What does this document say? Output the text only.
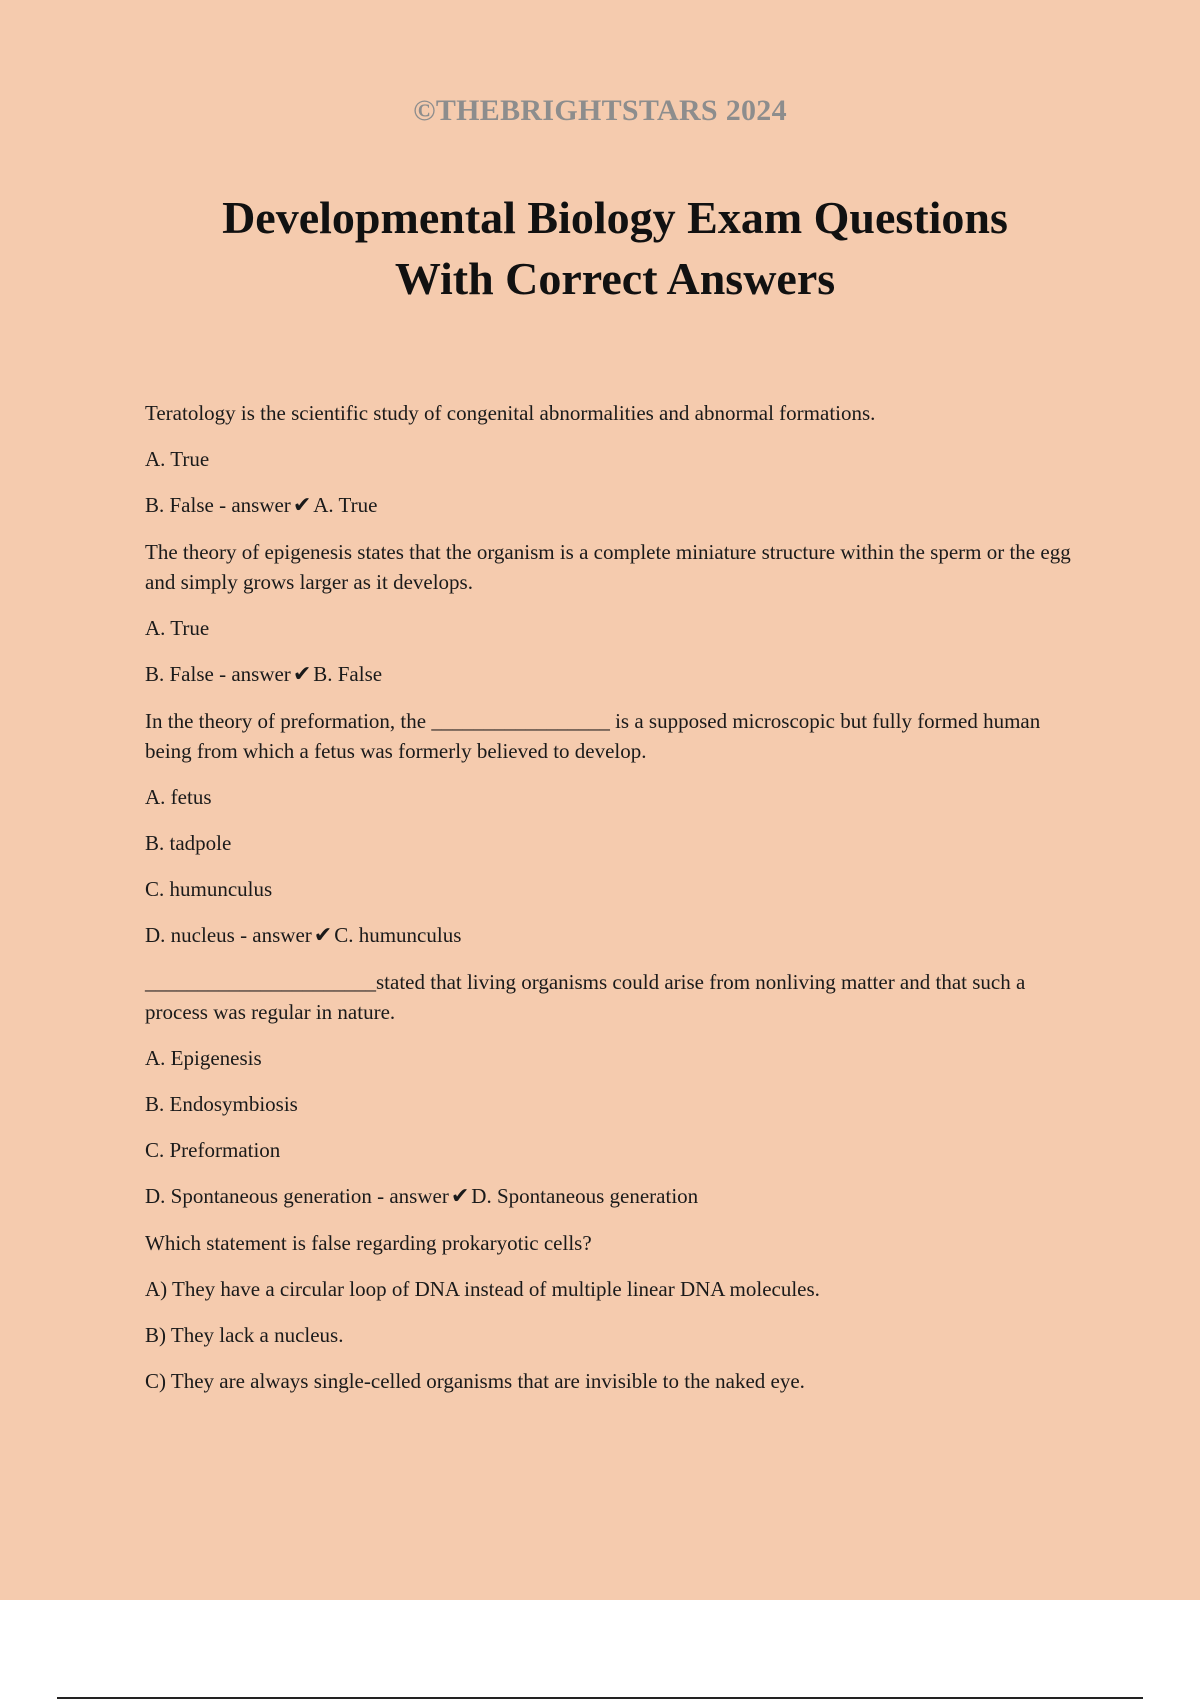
©THEBRIGHTSTARS 2024
Developmental Biology Exam Questions
With Correct Answers
Teratology is the scientific study of congenital abnormalities and abnormal formations.
A. True
B. False - answer✔A. True
The theory of epigenesis states that the organism is a complete miniature structure within the sperm or the egg and simply grows larger as it develops.
A. True
B. False - answer✔B. False
In the theory of preformation, the _________________ is a supposed microscopic but fully formed human being from which a fetus was formerly believed to develop.
A. fetus
B. tadpole
C. humunculus
D. nucleus - answer✔C. humunculus
______________________stated that living organisms could arise from nonliving matter and that such a process was regular in nature.
A. Epigenesis
B. Endosymbiosis
C. Preformation
D. Spontaneous generation - answer✔D. Spontaneous generation
Which statement is false regarding prokaryotic cells?
A) They have a circular loop of DNA instead of multiple linear DNA molecules.
B) They lack a nucleus.
C) They are always single-celled organisms that are invisible to the naked eye.
